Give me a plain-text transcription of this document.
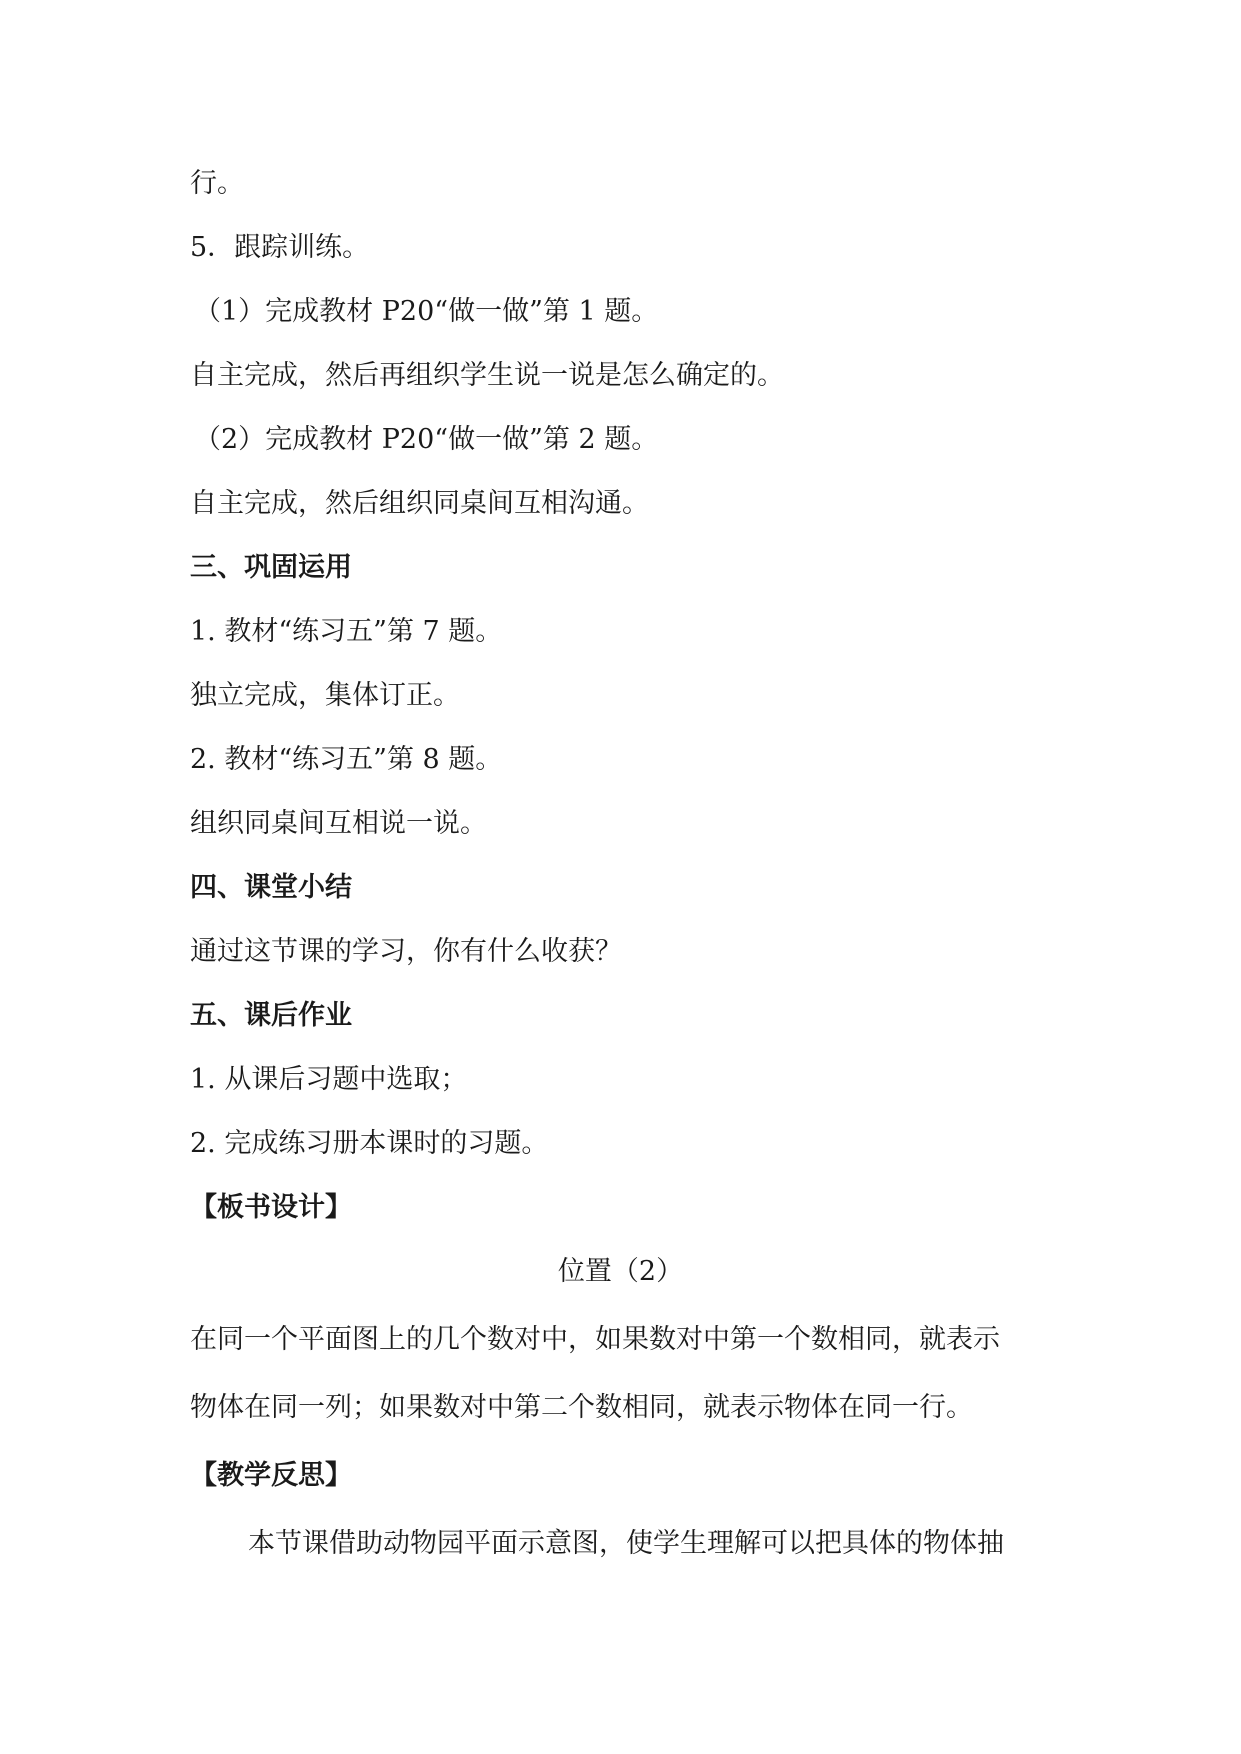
行。
5．跟踪训练。
（1）完成教材 P20“做一做”第 1 题。
自主完成，然后再组织学生说一说是怎么确定的。
（2）完成教材 P20“做一做”第 2 题。
自主完成，然后组织同桌间互相沟通。
三、巩固运用
1. 教材“练习五”第 7 题。
独立完成，集体订正。
2. 教材“练习五”第 8 题。
组织同桌间互相说一说。
四、课堂小结
通过这节课的学习，你有什么收获？
五、课后作业
1. 从课后习题中选取；
2. 完成练习册本课时的习题。
【板书设计】
位置（2）
在同一个平面图上的几个数对中，如果数对中第一个数相同，就表示
物体在同一列；如果数对中第二个数相同，就表示物体在同一行。
【教学反思】
本节课借助动物园平面示意图，使学生理解可以把具体的物体抽
